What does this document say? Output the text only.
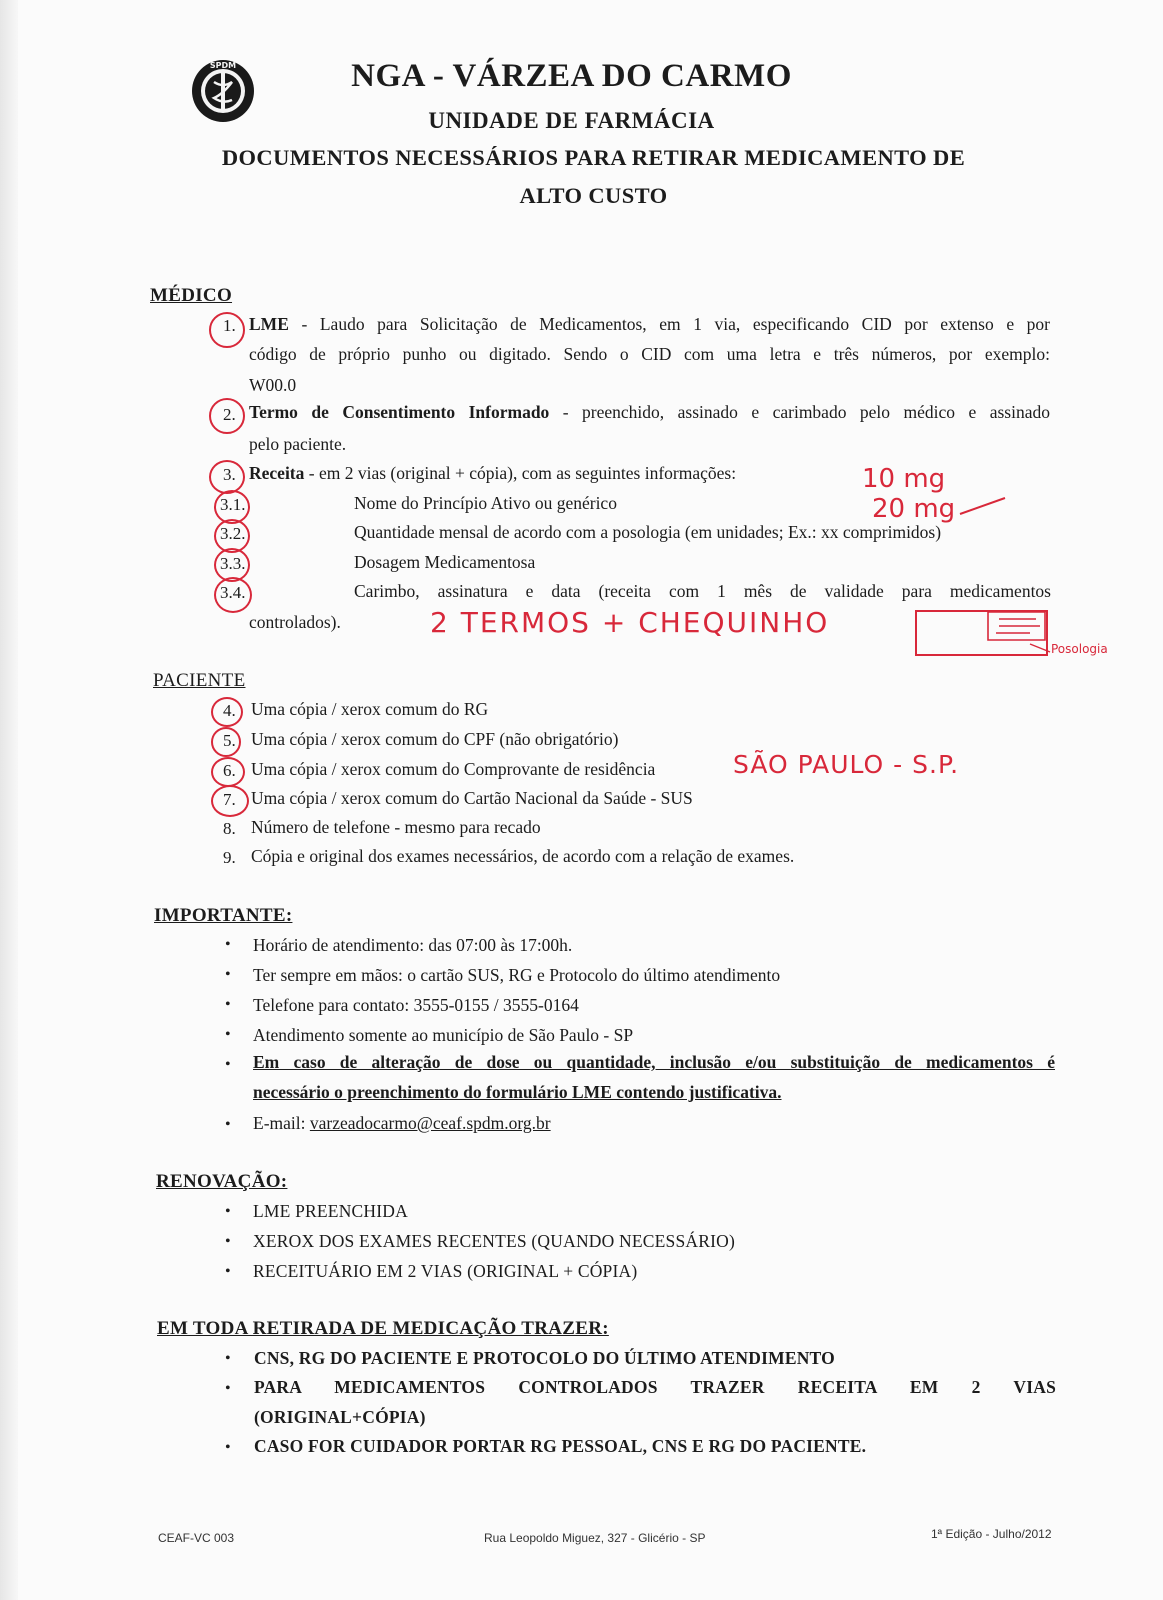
SPDM	NGA - VÁRZEA DO CARMO
UNIDADE DE FARMÁCIA
DOCUMENTOS NECESSÁRIOS PARA RETIRAR MEDICAMENTO DE
ALTO CUSTO
MÉDICO
1. LME - Laudo para Solicitação de Medicamentos, em 1 via, especificando CID por extenso e por
código de próprio punho ou digitado. Sendo o CID com uma letra e três números, por exemplo:
W00.0
2. Termo de Consentimento Informado - preenchido, assinado e carimbado pelo médico e assinado
pelo paciente.
3. Receita - em 2 vias (original + cópia), com as seguintes informações:
3.1.	Nome do Princípio Ativo ou genérico
3.2.	Quantidade mensal de acordo com a posologia (em unidades; Ex.: xx comprimidos)
3.3.	Dosagem Medicamentosa
3.4.	Carimbo, assinatura e data (receita com 1 mês de validade para medicamentos
controlados).
PACIENTE
4. Uma cópia / xerox comum do RG
5. Uma cópia / xerox comum do CPF (não obrigatório)
6. Uma cópia / xerox comum do Comprovante de residência
7. Uma cópia / xerox comum do Cartão Nacional da Saúde - SUS
8. Número de telefone - mesmo para recado
9. Cópia e original dos exames necessários, de acordo com a relação de exames.
IMPORTANTE:
• Horário de atendimento: das 07:00 às 17:00h.
• Ter sempre em mãos: o cartão SUS, RG e Protocolo do último atendimento
• Telefone para contato: 3555-0155 / 3555-0164
• Atendimento somente ao município de São Paulo - SP
• Em caso de alteração de dose ou quantidade, inclusão e/ou substituição de medicamentos é
necessário o preenchimento do formulário LME contendo justificativa.
• E-mail: varzeadocarmo@ceaf.spdm.org.br
RENOVAÇÃO:
• LME PREENCHIDA
• XEROX DOS EXAMES RECENTES (QUANDO NECESSÁRIO)
• RECEITUÁRIO EM 2 VIAS (ORIGINAL + CÓPIA)
EM TODA RETIRADA DE MEDICAÇÃO TRAZER:
• CNS, RG DO PACIENTE E PROTOCOLO DO ÚLTIMO ATENDIMENTO
• PARA MEDICAMENTOS CONTROLADOS TRAZER RECEITA EM 2 VIAS
(ORIGINAL+CÓPIA)
• CASO FOR CUIDADOR PORTAR RG PESSOAL, CNS E RG DO PACIENTE.
CEAF-VC 003	Rua Leopoldo Miguez, 327 - Glicério - SP	1ª Edição - Julho/2012
10 mg
20 mg
2 TERMOS + CHEQUINHO
SÃO PAULO - S.P.
Posologia
